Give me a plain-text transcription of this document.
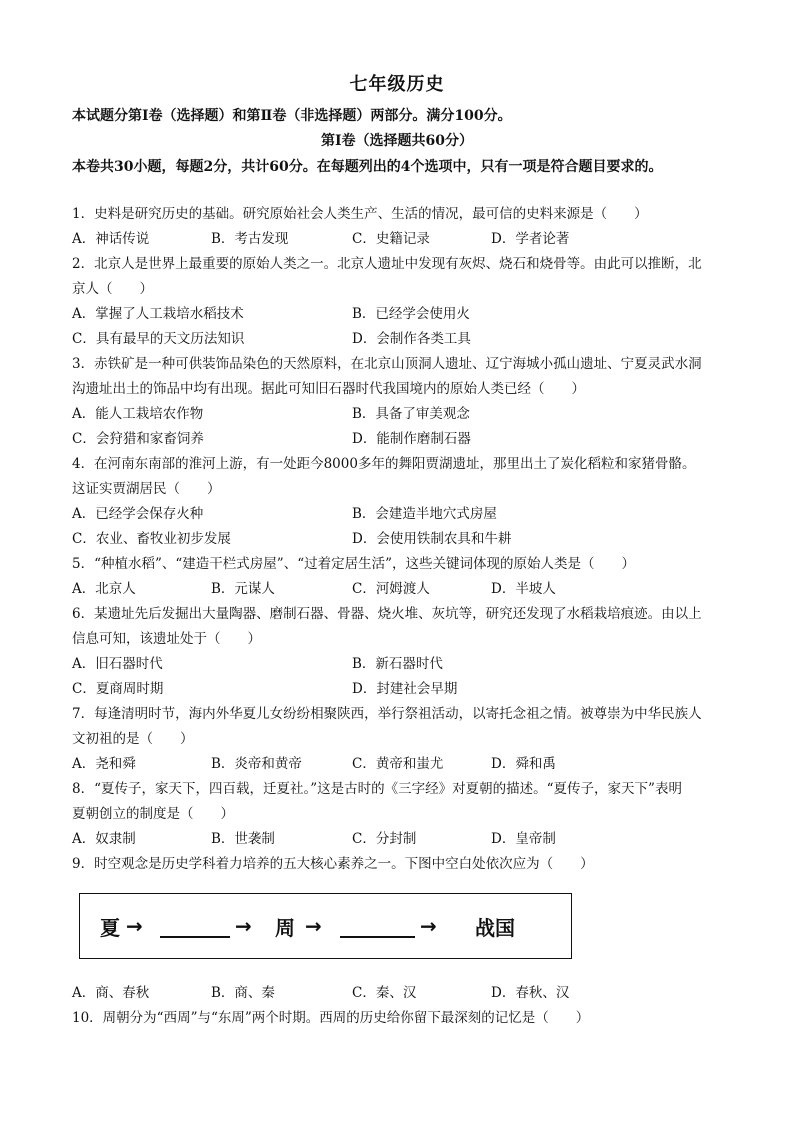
七年级历史
本试题分第Ⅰ卷（选择题）和第Ⅱ卷（非选择题）两部分。满分100分。
第Ⅰ卷（选择题共60分）
本卷共30小题，每题2分，共计60分。在每题列出的4个选项中，只有一项是符合题目要求的。
1．史料是研究历史的基础。研究原始社会人类生产、生活的情况，最可信的史料来源是（　　）
A．神话传说	B．考古发现	C．史籍记录	D．学者论著
2．北京人是世界上最重要的原始人类之一。北京人遗址中发现有灰烬、烧石和烧骨等。由此可以推断，北
京人（　　）
A．掌握了人工栽培水稻技术	B．已经学会使用火
C．具有最早的天文历法知识	D．会制作各类工具
3．赤铁矿是一种可供装饰品染色的天然原料，在北京山顶洞人遗址、辽宁海城小孤山遗址、宁夏灵武水洞
沟遗址出土的饰品中均有出现。据此可知旧石器时代我国境内的原始人类已经（　　）
A．能人工栽培农作物	B．具备了审美观念
C．会狩猎和家畜饲养	D．能制作磨制石器
4．在河南东南部的淮河上游，有一处距今8000多年的舞阳贾湖遗址，那里出土了炭化稻粒和家猪骨骼。
这证实贾湖居民（　　）
A．已经学会保存火种	B．会建造半地穴式房屋
C．农业、畜牧业初步发展	D．会使用铁制农具和牛耕
5．“种植水稻”、“建造干栏式房屋”、“过着定居生活”，这些关键词体现的原始人类是（　　）
A．北京人	B．元谋人	C．河姆渡人	D．半坡人
6．某遗址先后发掘出大量陶器、磨制石器、骨器、烧火堆、灰坑等，研究还发现了水稻栽培痕迹。由以上
信息可知，该遗址处于（　　）
A．旧石器时代	B．新石器时代
C．夏商周时期	D．封建社会早期
7．每逢清明时节，海内外华夏儿女纷纷相聚陕西，举行祭祖活动，以寄托念祖之情。被尊崇为中华民族人
文初祖的是（　　）
A．尧和舜	B．炎帝和黄帝	C．黄帝和蚩尤	D．舜和禹
8．“夏传子，家天下，四百载，迁夏社。”这是古时的《三字经》对夏朝的描述。“夏传子，家天下”表明
夏朝创立的制度是（　　）
A．奴隶制	B．世袭制	C．分封制	D．皇帝制
9．时空观念是历史学科着力培养的五大核心素养之一。下图中空白处依次应为（　　）
夏 →	→ 周 →	→ 战国
A．商、春秋	B．商、秦	C．秦、汉	D．春秋、汉
10．周朝分为“西周”与“东周”两个时期。西周的历史给你留下最深刻的记忆是（　　）
